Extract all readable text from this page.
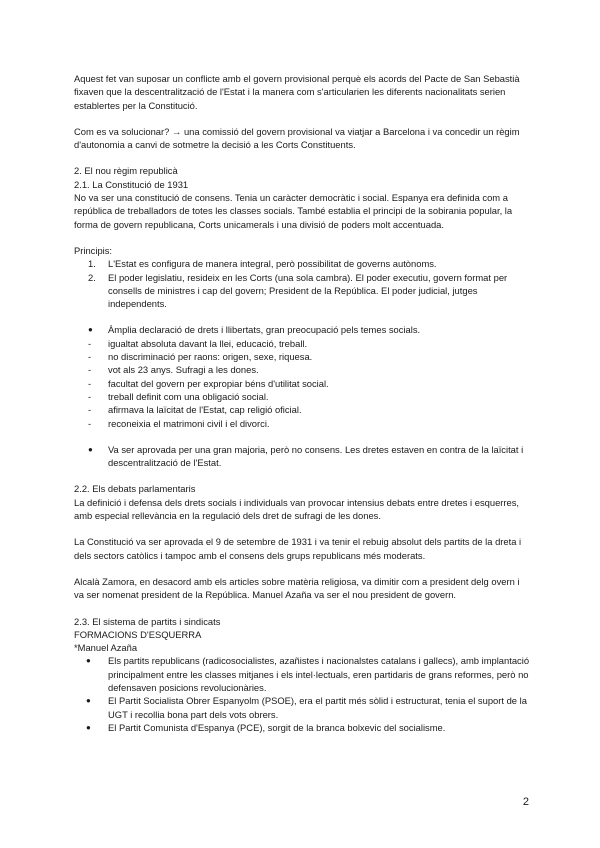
Aquest fet van suposar un conflicte amb el govern provisional perquè els acords del Pacte de San Sebastià fixaven que la descentralització de l'Estat i la manera com s'articularien les diferents nacionalitats serien establertes per la Constitució.

Com es va solucionar? → una comissió del govern provisional va viatjar a Barcelona i va concedir un règim d'autonomia a canvi de sotmetre la decisió a les Corts Constituents.

2. El nou règim republicà

2.1. La Constitució de 1931

No va ser una constitució de consens. Tenia un caràcter democràtic i social. Espanya era definida com a república de treballadors de totes les classes socials. També establia el principi de la sobirania popular, la forma de govern republicana, Corts unicamerals i una divisió de poders molt accentuada.

Principis:

1.	L'Estat es configura de manera integral, però possibilitat de governs autònoms.
2.	El poder legislatiu, resideix en les Corts (una sola cambra). El poder executiu, govern format per consells de ministres i cap del govern; President de la República. El poder judicial, jutges independents.
●	Àmplia declaració de drets i llibertats, gran preocupació pels temes socials.
-	igualtat absoluta davant la llei, educació, treball.
-	no discriminació per raons: origen, sexe, riquesa.
-	vot als 23 anys. Sufragi a les dones.
-	facultat del govern per expropiar béns d'utilitat social.
-	treball definit com una obligació social.
-	afirmava la laïcitat de l'Estat, cap religió oficial.
-	reconeixia el matrimoni civil i el divorci.
●	Va ser aprovada per una gran majoria, però no consens. Les dretes estaven en contra de la laïcitat i descentralització de l'Estat.

2.2. Els debats parlamentaris

La definició i defensa dels drets socials i individuals van provocar intensius debats entre dretes i esquerres, amb especial rellevància en la regulació dels dret de sufragi de les dones.

La Constitució va ser aprovada el 9 de setembre de 1931 i va tenir el rebuig absolut dels partits de la dreta i dels sectors catòlics i tampoc amb el consens dels grups republicans més moderats.

Alcalà Zamora, en desacord amb els articles sobre matèria religiosa, va dimitir com a president delg overn i va ser nomenat president de la República. Manuel Azaña va ser el nou president de govern.

2.3. El sistema de partits i sindicats

FORMACIONS D'ESQUERRA

*Manuel Azaña

●	Els partits republicans (radicosocialistes, azañistes i nacionalstes catalans i gallecs), amb implantació principalment entre les classes mitjanes i els intel·lectuals, eren partidaris de grans reformes, però no defensaven posicions revolucionàries.
●	El Partit Socialista Obrer Espanyolm (PSOE), era el partit més sòlid i estructurat, tenia el suport de la UGT i recollia bona part dels vots obrers.
●	El Partit Comunista d'Espanya (PCE), sorgit de la branca bolxevic del socialisme.
2
